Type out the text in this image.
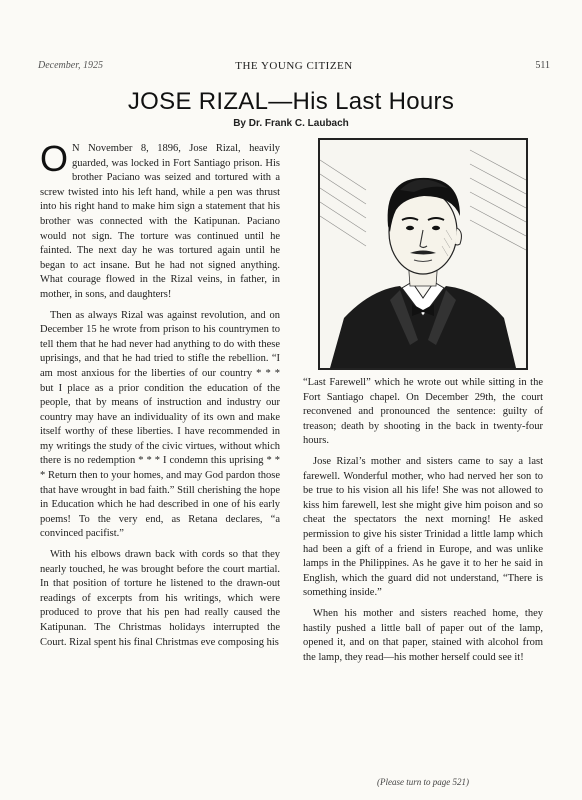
December, 1925	THE YOUNG CITIZEN	511
JOSE RIZAL—His Last Hours
By Dr. Frank C. Laubach

O N November 8, 1896, Jose Rizal, heavily guarded, was locked in Fort Santiago prison. His brother Paciano was seized and tortured with a screw twisted into his left hand, while a pen was thrust into his right hand to make him sign a statement that his brother was connected with the Katipunan. Paciano would not sign. The torture was continued until he fainted. The next day he was tortured again until he began to act insane. But he had not signed anything. What courage flowed in the Rizal veins, in father, in mother, in sons, and daughters!

Then as always Rizal was against revolution, and on December 15 he wrote from prison to his countrymen to tell them that he had never had anything to do with these uprisings, and that he had tried to stifle the rebellion. “I am most anxious for the liberties of our country * * * but I place as a prior condition the education of the people, that by means of instruction and industry our country may have an individuality of its own and make itself worthy of these liberties. I have recommended in my writings the study of the civic virtues, without which there is no redemption * * * I condemn this uprising * * * Return then to your homes, and may God pardon those that have wrought in bad faith.” Still cherishing the hope in Education which he had described in one of his early poems! To the very end, as Retana declares, “a convinced pacifist.”

With his elbows drawn back with cords so that they nearly touched, he was brought before the court martial. In that position of torture he listened to the drawn-out readings of excerpts from his writings, which were produced to prove that his pen had really caused the Katipunan. The Christmas holidays interrupted the Court. Rizal spent his final Christmas eve composing his

“Last Farewell” which he wrote out while sitting in the Fort Santiago chapel. On December 29th, the court reconvened and pronounced the sentence: guilty of treason; death by shooting in the back in twenty-four hours.

Jose Rizal’s mother and sisters came to say a last farewell. Wonderful mother, who had nerved her son to be true to his vision all his life! She was not allowed to kiss him farewell, lest she might give him poison and so cheat the spectators the next morning! He asked permission to give his sister Trinidad a little lamp which had been a gift of a friend in Europe, and was unlike lamps in the Philippines. As he gave it to her he said in English, which the guard did not understand, “There is something inside.”

When his mother and sisters reached home, they hastily pushed a little ball of paper out of the lamp, opened it, and on that paper, stained with alcohol from the lamp, they read—his mother herself could see it!

(Please turn to page 521)
